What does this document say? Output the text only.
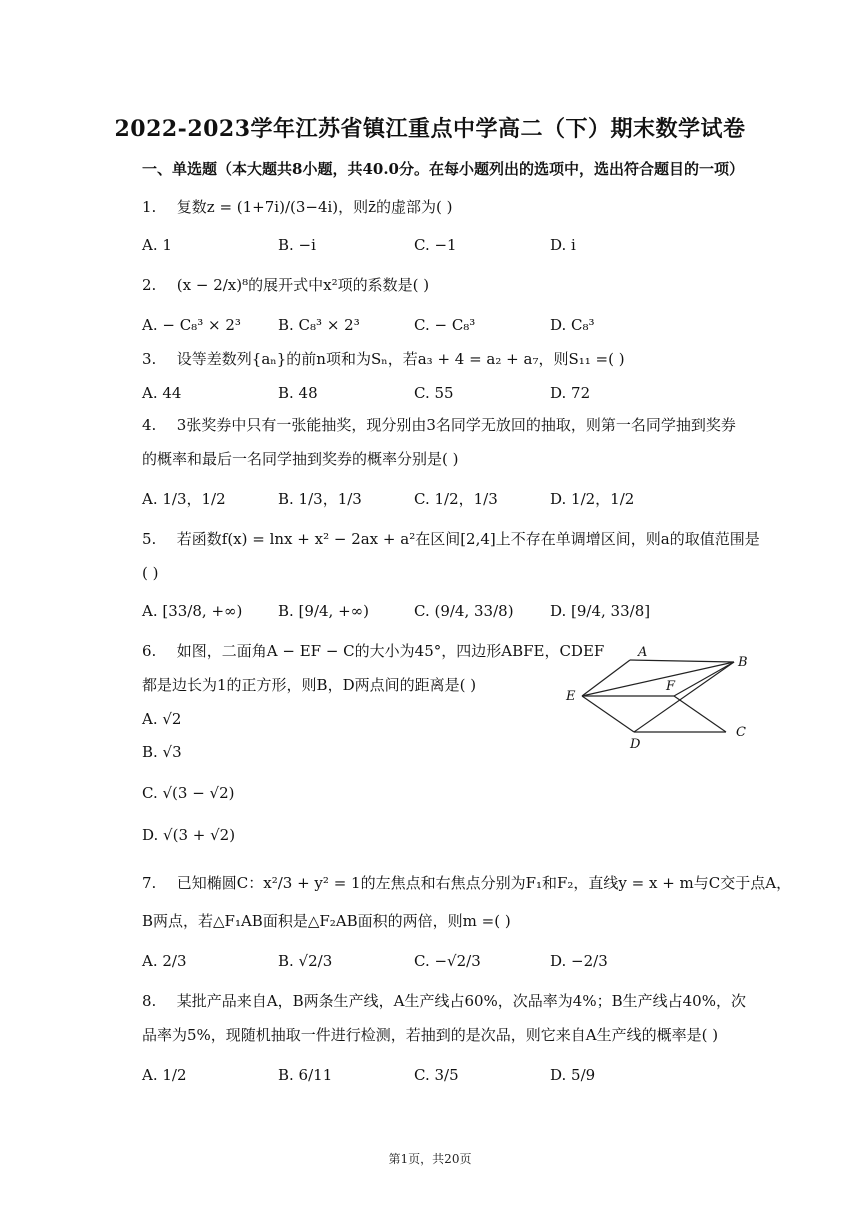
2022-2023学年江苏省镇江重点中学高二（下）期末数学试卷
一、单选题（本大题共8小题，共40.0分。在每小题列出的选项中，选出符合题目的一项）
1. 复数z = (1+7i)/(3−4i)，则z̄的虚部为( )
A. 1	B. −i	C. −1	D. i
2. (x − 2/x)⁸的展开式中x²项的系数是( )
A. − C₈³ × 2³ B. C₈³ × 2³	C. − C₈³	D. C₈³
3. 设等差数列{aₙ}的前n项和为Sₙ，若a₃ + 4 = a₂ + a₇，则S₁₁ =( )
A. 44	B. 48	C. 55	D. 72
4. 3张奖券中只有一张能抽奖，现分别由3名同学无放回的抽取，则第一名同学抽到奖券
的概率和最后一名同学抽到奖券的概率分别是( )
A. 1/3，1/2	B. 1/3，1/3	C. 1/2，1/3	D. 1/2，1/2
5. 若函数f(x) = lnx + x² − 2ax + a²在区间[2,4]上不存在单调增区间，则a的取值范围是
( )
A. [33/8, +∞) B. [9/4, +∞)	C. (9/4, 33/8) D. [9/4, 33/8]
6. 如图，二面角A − EF − C的大小为45°，四边形ABFE，CDEF
都是边长为1的正方形，则B，D两点间的距离是( )
A. √2
B. √3
C. √(3 − √2)
D. √(3 + √2)
A
B
C
D
E
F
7. 已知椭圆C：x²/3 + y² = 1的左焦点和右焦点分别为F₁和F₂，直线y = x + m与C交于点A，
B两点，若△F₁AB面积是△F₂AB面积的两倍，则m =( )
A. 2/3	B. √2/3	C. −√2/3	D. −2/3
8. 某批产品来自A，B两条生产线，A生产线占60%，次品率为4%；B生产线占40%，次
品率为5%，现随机抽取一件进行检测，若抽到的是次品，则它来自A生产线的概率是( )
A. 1/2	B. 6/11	C. 3/5	D. 5/9
第1页，共20页
